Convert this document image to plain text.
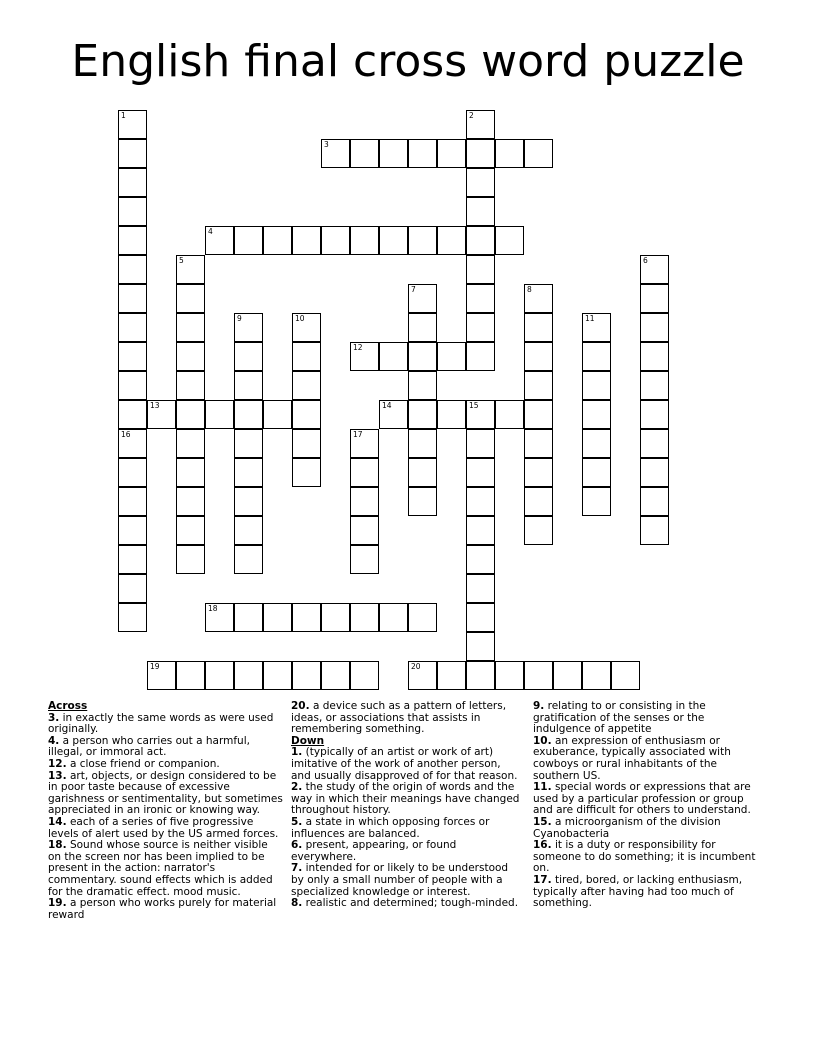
English final cross word puzzle
1
16
2
3
4
5	6
7	8
9	10	11
12
13	14	15
17
18
19	20
Across
3. in exactly the same words as were used originally.
4. a person who carries out a harmful, illegal, or immoral act.
12. a close friend or companion.
13. art, objects, or design considered to be in poor taste because of excessive garishness or sentimentality, but sometimes appreciated in an ironic or knowing way.
14. each of a series of five progressive levels of alert used by the US armed forces.
18. Sound whose source is neither visible on the screen nor has been implied to be present in the action: narrator's commentary. sound effects which is added for the dramatic effect. mood music.
19. a person who works purely for material reward
20. a device such as a pattern of letters, ideas, or associations that assists in remembering something.
Down
1. (typically of an artist or work of art) imitative of the work of another person, and usually disapproved of for that reason.
2. the study of the origin of words and the way in which their meanings have changed throughout history.
5. a state in which opposing forces or influences are balanced.
6. present, appearing, or found everywhere.
7. intended for or likely to be understood by only a small number of people with a specialized knowledge or interest.
8. realistic and determined; tough-minded.
9. relating to or consisting in the gratification of the senses or the indulgence of appetite
10. an expression of enthusiasm or exuberance, typically associated with cowboys or rural inhabitants of the southern US.
11. special words or expressions that are used by a particular profession or group and are difficult for others to understand.
15. a microorganism of the division Cyanobacteria
16. it is a duty or responsibility for someone to do something; it is incumbent on.
17. tired, bored, or lacking enthusiasm, typically after having had too much of something.
